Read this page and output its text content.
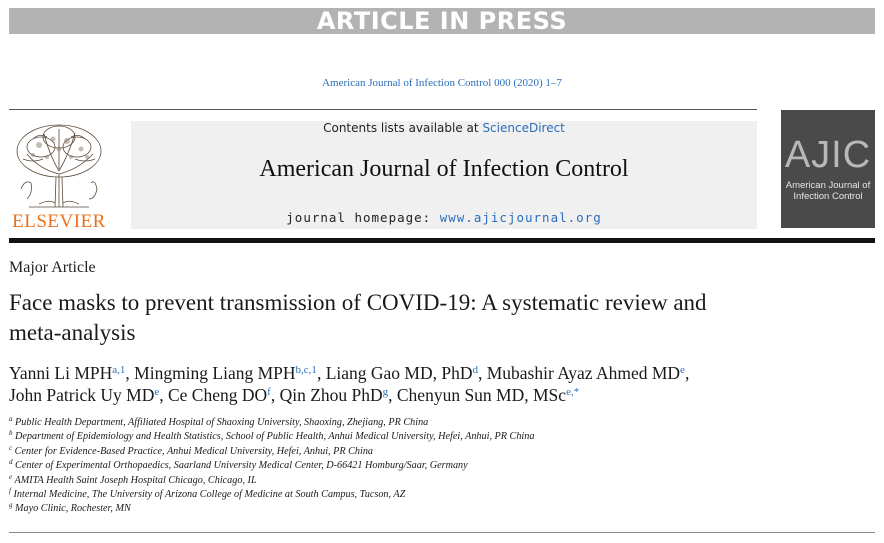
ARTICLE IN PRESS
American Journal of Infection Control 000 (2020) 1–7
ELSEVIER
Contents lists available at ScienceDirect
American Journal of Infection Control
journal homepage: www.ajicjournal.org
AJIC
American Journal of Infection Control
Major Article
Face masks to prevent transmission of COVID-19: A systematic review and meta-analysis
Yanni Li MPH$^{a,1}$, Mingming Liang MPH$^{b,c,1}$, Liang Gao MD, PhD$^d$, Mubashir Ayaz Ahmed MDe,
John Patrick Uy MDe, Ce Cheng $DO^f$, Qin Zhou PhD$^g$, Chenyun Sun MD, MSc$^{e,*}$
$^a$ Public Health Department, Affiliated Hospital of Shaoxing University, Shaoxing, Zhejiang, PR China
$^b$ Department of Epidemiology and Health Statistics, School of Public Health, Anhui Medical University, Hefei, Anhui, PR China
$^c$ Center for Evidence-Based Practice, Anhui Medical University, Hefei, Anhui, PR China
$^d$ Center of Experimental Orthopaedics, Saarland University Medical Center, D-66421 Homburg/Saar, Germany
$^e$ AMITA Health Saint Joseph Hospital Chicago, Chicago, IL
$^f$ Internal Medicine, The University of Arizona College of Medicine at South Campus, Tucson, AZ
$^g$ Mayo Clinic, Rochester, MN
